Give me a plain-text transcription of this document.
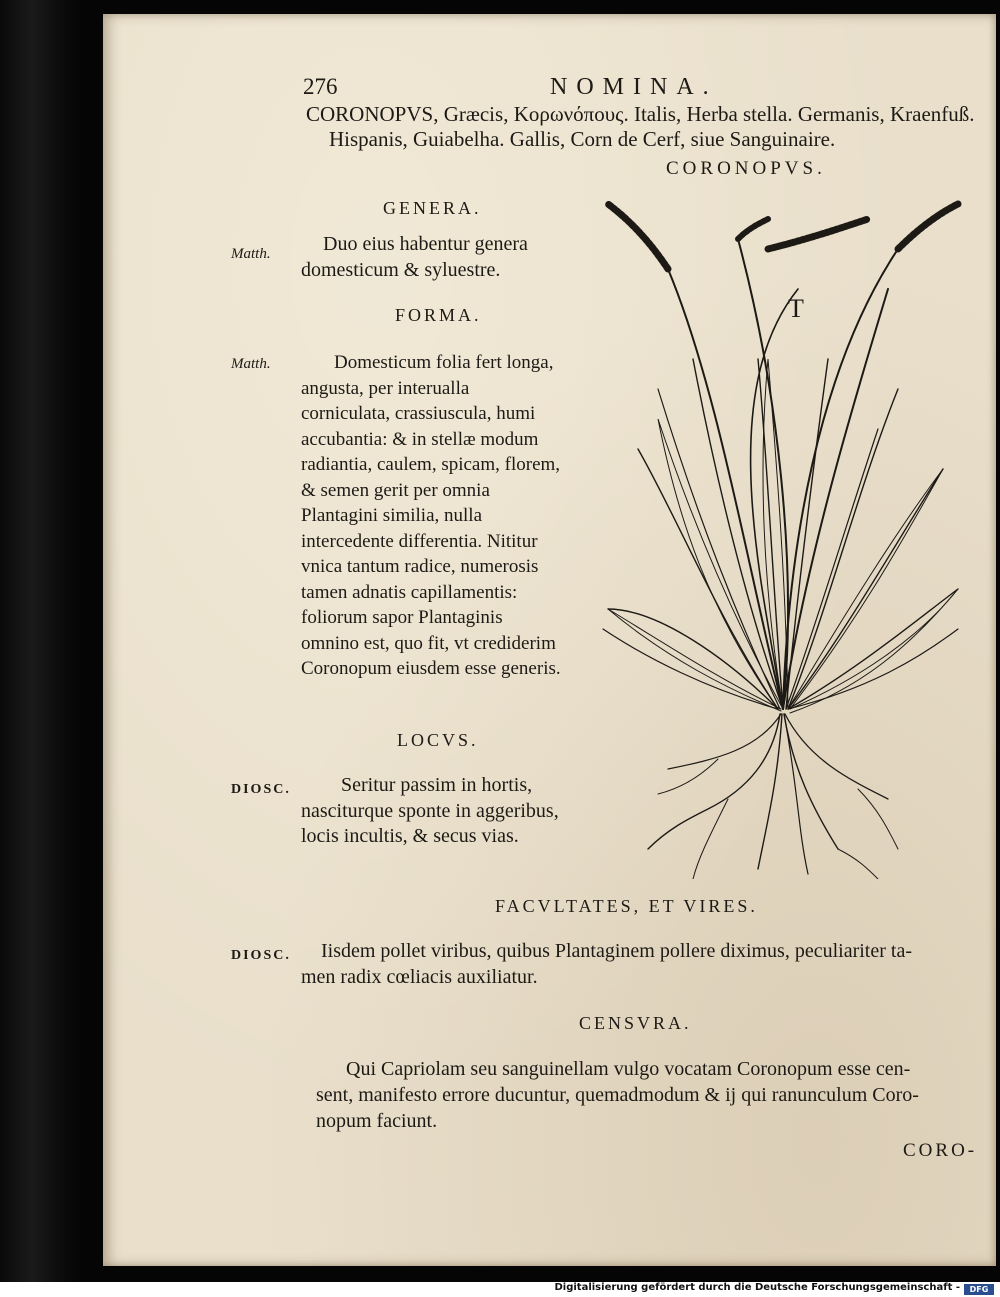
276	NOMINA.
CORONOPVS, Græcis, Κορωνόπους. Italis, Herba stella. Germanis, Kraenfuß.
Hispanis, Guiabelha. Gallis, Corn de Cerf, siue Sanguinaire.
CORONOPVS.
GENERA.
Matth.	Duo eius habentur genera domesticum & syluestre.
FORMA.
Matth.	Domesticum folia fert longa, angusta, per interualla corniculata, crassiuscula, humi accubantia: & in stellæ modum radiantia, caulem, spicam, florem, & semen gerit per omnia Plantagini similia, nulla intercedente differentia. Nititur vnica tantum radice, numerosis tamen adnatis capillamentis: foliorum sapor Plantaginis omnino est, quo fit, vt crediderim Coronopum eiusdem esse generis.
LOCVS.
DIOSC.	Seritur passim in hortis, nasciturque sponte in aggeribus, locis incultis, & secus vias.
T
FACVLTATES, ET VIRES.
DIOSC. Iisdem pollet viribus, quibus Plantaginem pollere diximus, peculiariter ta-
men radix cœliacis auxiliatur.
CENSVRA.
Qui Capriolam seu sanguinellam vulgo vocatam Coronopum esse cen-
sent, manifesto errore ducuntur, quemadmodum & ij qui ranunculum Coro-
nopum faciunt.
CORO-
Digitalisierung gefördert durch die Deutsche Forschungsgemeinschaft -	DFG
